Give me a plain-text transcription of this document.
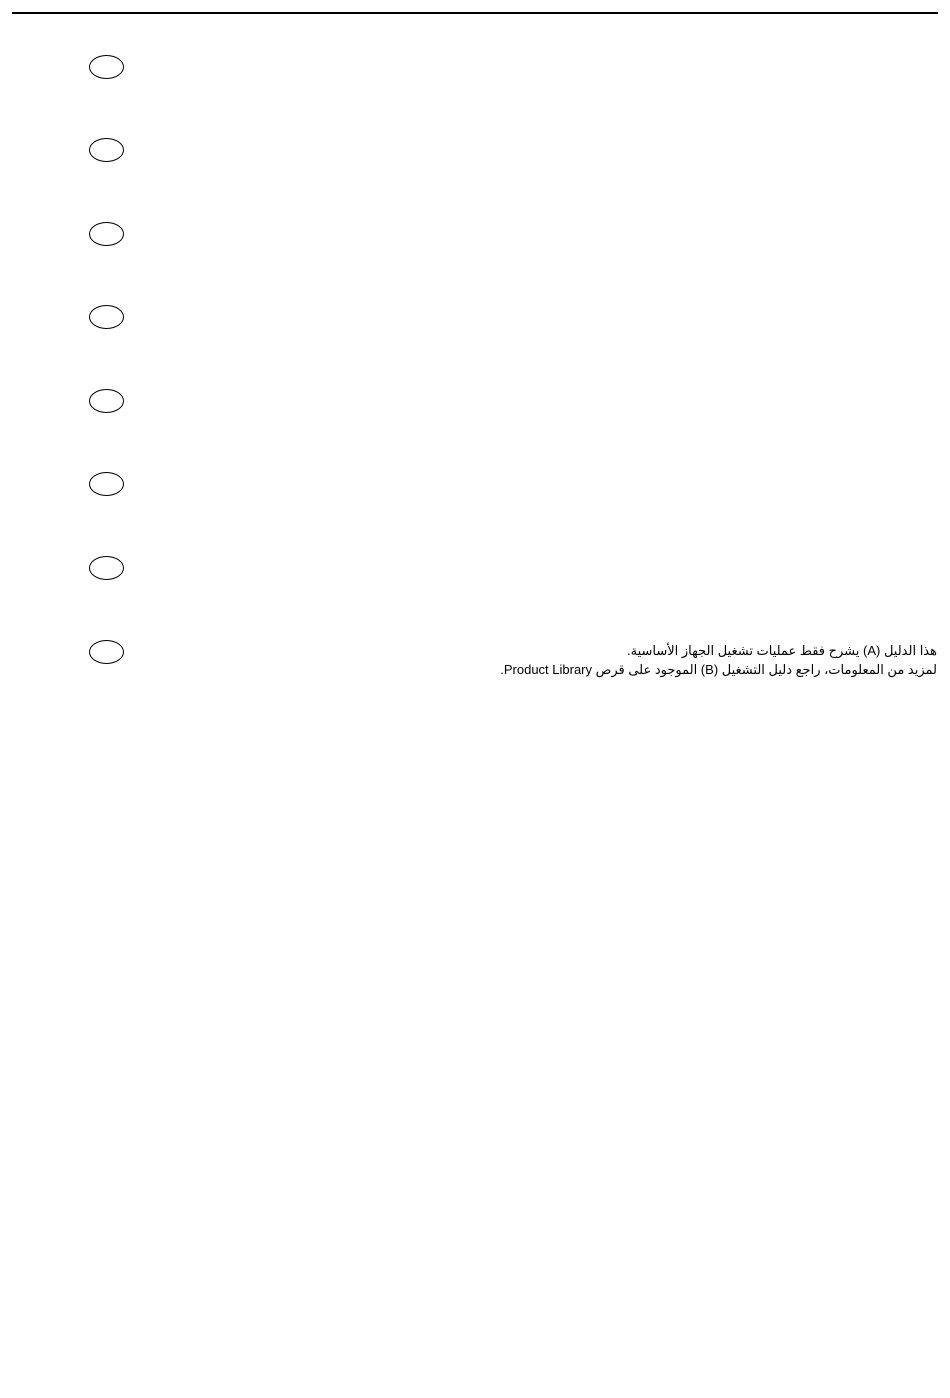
هذا الدليل (A) يشرح فقط عمليات تشغيل الجهاز الأساسية.
لمزيد من المعلومات، راجع دليل التشغيل (B) الموجود على قرص Product Library.
